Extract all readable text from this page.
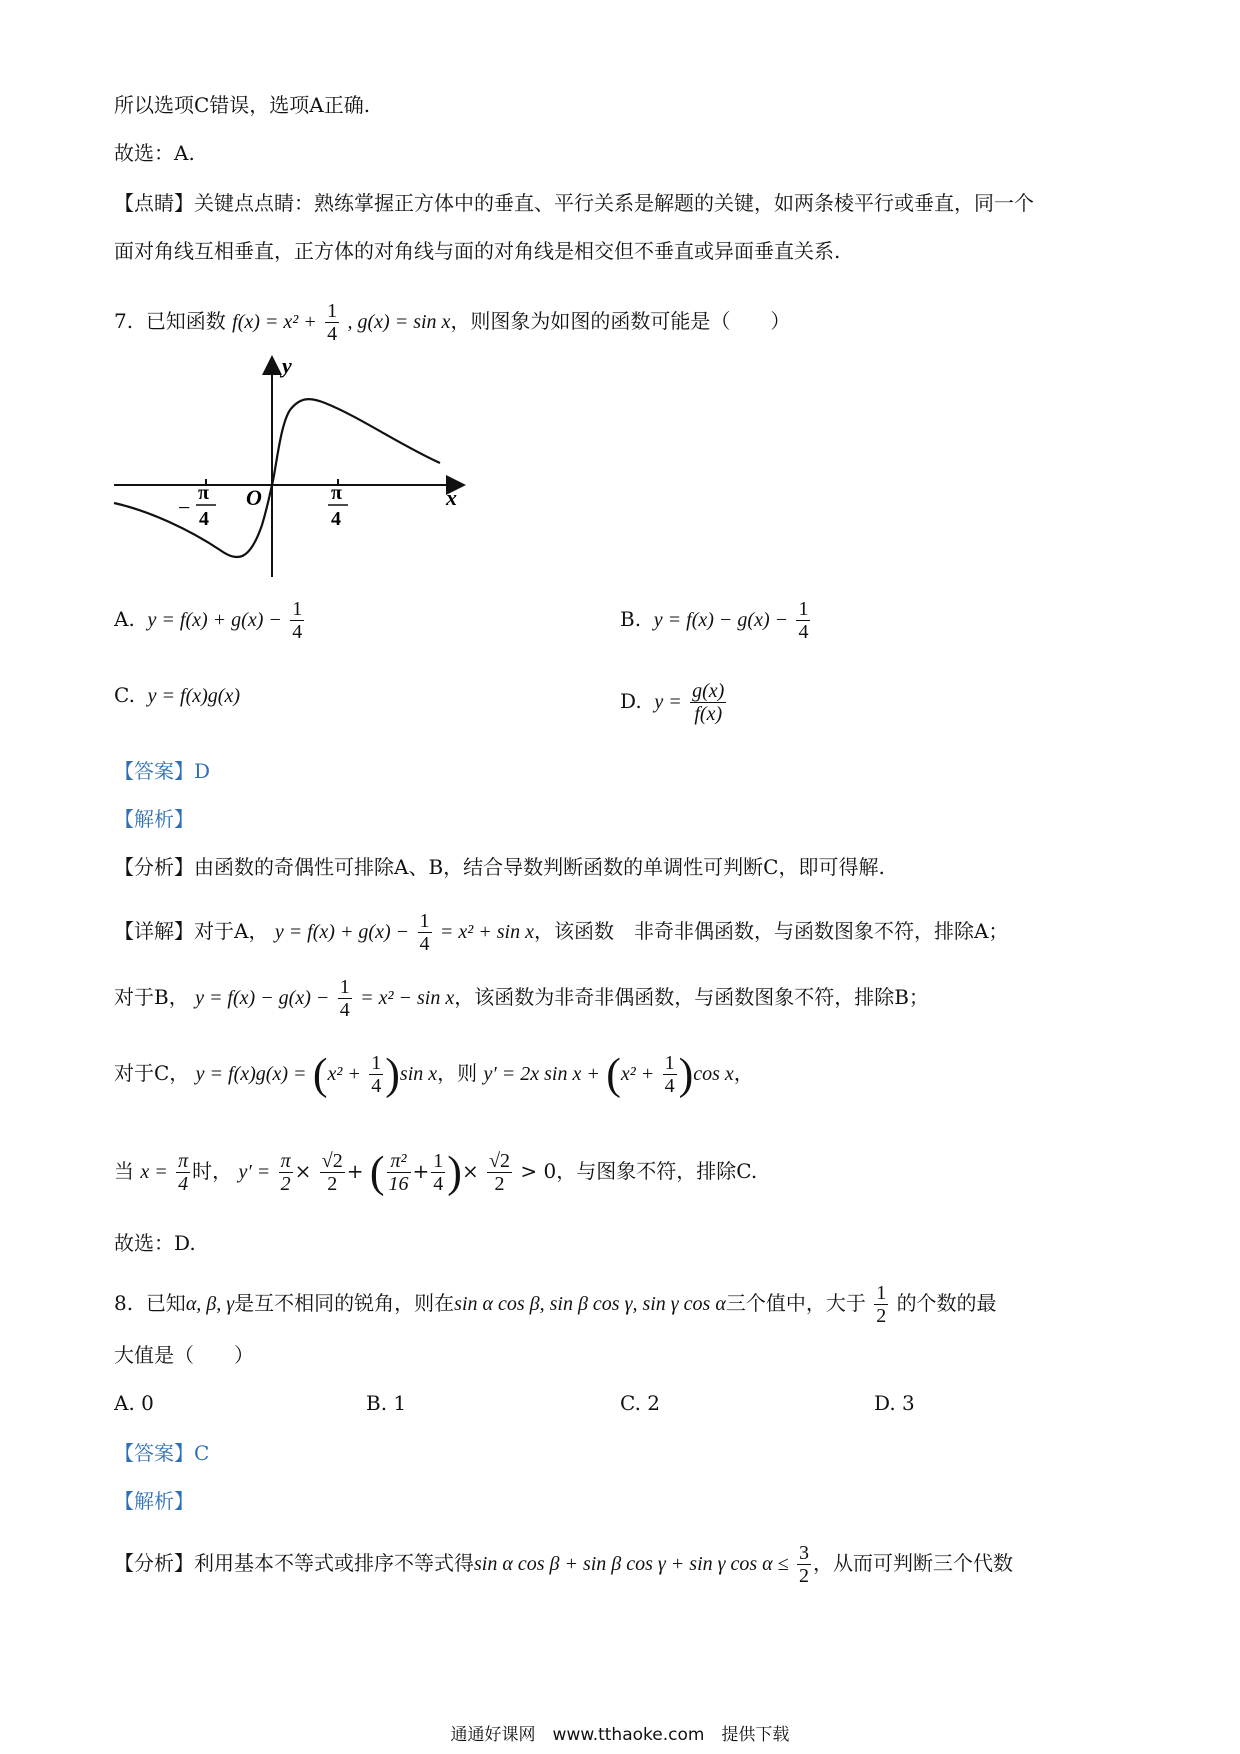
所以选项C错误，选项A正确.
故选：A.
【点睛】关键点点睛：熟练掌握正方体中的垂直、平行关系是解题的关键，如两条棱平行或垂直，同一个
面对角线互相垂直，正方体的对角线与面的对角线是相交但不垂直或异面垂直关系.
7. 已知函数 $f(x) = x^2 + \frac{1}{4}$ , g(x) = sin x，则图象为如图的函数可能是（　　）
y
x
O
−
π
4
π
4
A. $y = f(x) + g(x) - \frac{1}{4}$	B. $y = f(x) - g(x) - \frac{1}{4}$
C. y = f(x)g(x)	D. $y = \frac{g(x)}{f(x)}$
【答案】D
【解析】
【分析】由函数的奇偶性可排除A、B，结合导数判断函数的单调性可判断C，即可得解.
【详解】对于A， $y = f(x) + g(x) - \frac{1}{4} = x^2 + \sin x$，该函数　非奇非偶函数，与函数图象不符，排除A；
对于B， $y = f(x) - g(x) - \frac{1}{4} = x^2 - \sin x$，该函数为非奇非偶函数，与函数图象不符，排除B；
对于C， $y = f(x)g(x) = (x^2 + \frac{1}{4} )\sin$ x，则 y′ = 2x $\sin x + (x^2 + \frac{1}{4} )\cos$ x，
当 $x = \frac{\pi}{4}$ 时， $y' = \frac{\pi}{2} \times \frac{√2}{2}$ + ( $\frac{\text{π²}}{16} + \frac{1}{4}$ )× $\frac{√2}{2} > 0$，与图象不符，排除C.
故选：D.
8. 已知α, β, γ是互不相同的锐角，则在sin α cos β, sin β cos γ, sin γ cos α三个值中，大于 $\frac{1}{2}$ 的个数的最
大值是（　　）
A. 0	B. 1	C. 2	D. 3
【答案】C
【解析】
【分析】利用基本不等式或排序不等式得sin α cos β + sin β cos γ + sin γ $\cos \alpha \le \frac{3}{2}$ ，从而可判断三个代数
通通好课网　www.tthaoke.com　提供下载
